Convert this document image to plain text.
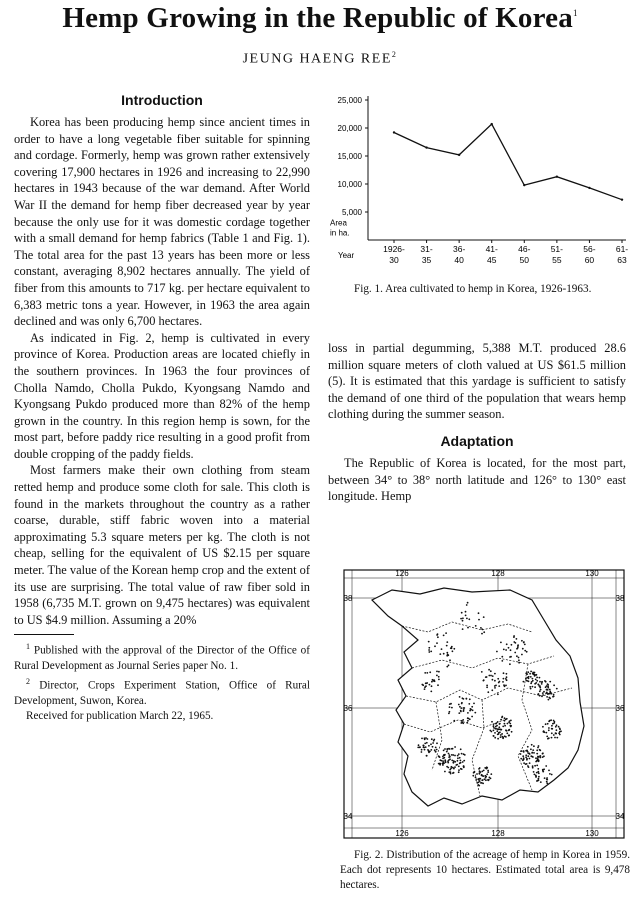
Hemp Growing in the Republic of Korea$^1$
JEUNG HAENG REE$^2$
Introduction

Korea has been producing hemp since ancient times in order to have a long vegetable fiber suitable for spinning and cordage. Formerly, hemp was grown rather extensively covering 17,900 hectares in 1926 and increasing to 22,990 hectares in 1943 because of the war demand. After World War II the demand for hemp fiber decreased year by year because the only use for it was domestic cordage together with a small demand for hemp fabrics (Table 1 and Fig. 1). The total area for the past 13 years has been more or less constant, averaging 8,902 hectares annually. The yield of fiber from this amounts to 717 kg. per hectare equivalent to 6,383 metric tons a year. However, in 1963 the area again declined and was only 6,700 hectares.

As indicated in Fig. 2, hemp is cultivated in every province of Korea. Production areas are located chiefly in the southern provinces. In 1963 the four provinces of Cholla Namdo, Cholla Pukdo, Kyongsang Namdo and Kyongsang Pukdo produced more than 82% of the hemp grown in the country. In this region hemp is sown, for the most part, before paddy rice resulting in a good profit from double cropping of the paddy fields.

Most farmers make their own clothing from steam retted hemp and produce some cloth for sale. This cloth is found in the markets throughout the country as a rather coarse, durable, stiff fabric woven into a material approximating 5.3 square meters per kg. The cloth is not cheap, selling for the equivalent of US $2.15 per square meter. The value of the Korean hemp crop and the extent of its use are surprising. The total value of raw fiber sold in 1958 (6,735 M.T. grown on 9,475 hectares) was equivalent to US $4.9 million. Assuming a 20%

$^1$ Published with the approval of the Director of the Office of Rural Development as Journal Series paper No. 1.

$^2$ Director, Crops Experiment Station, Office of Rural Development, Suwon, Korea.

Received for publication March 22, 1965.

5,000
10,000
15,000
20,000
25,000
Area
in ha.
Year
1926-
30
31-
35
36-
40
41-
45
46-
50
51-
55
56-
60
61-
63
Fig. 1. Area cultivated to hemp in Korea, 1926-1963.

loss in partial degumming, 5,388 M.T. produced 28.6 million square meters of cloth valued at US $61.5 million (5). It is estimated that this yardage is sufficient to satisfy the demand of one third of the population that wears hemp clothing during the summer season.

Adaptation

The Republic of Korea is located, for the most part, between 34° to 38° north latitude and 126° to 130° east longitude. Hemp

126	128	130
126	128	130
38
36
34
38
36
34
Fig. 2. Distribution of the acreage of hemp in Korea in 1959. Each dot represents 10 hectares. Estimated total area is 9,478 hectares.
